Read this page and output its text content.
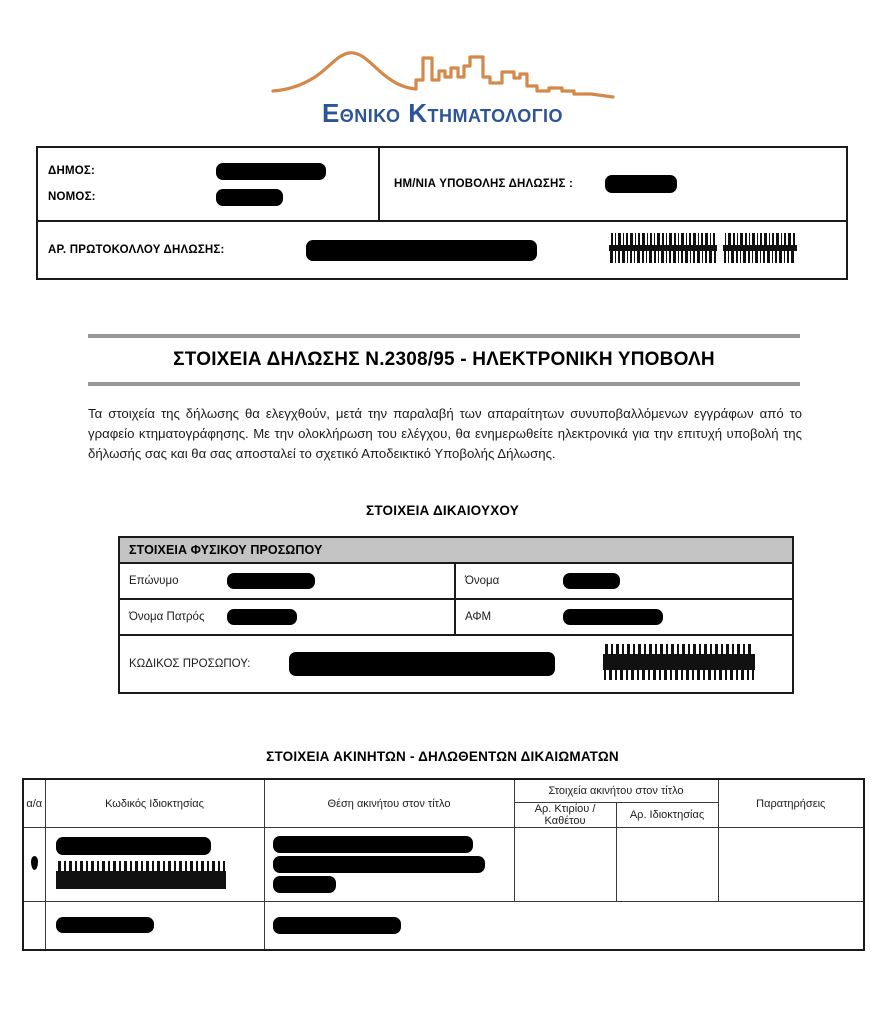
Εθνικο Κτηματολογιο
ΔΗΜΟΣ:
ΝΟΜΟΣ:
ΗΜ/ΝΙΑ ΥΠΟΒΟΛΗΣ ΔΗΛΩΣΗΣ :
ΑΡ. ΠΡΩΤΟΚΟΛΛΟΥ ΔΗΛΩΣΗΣ:
ΣΤΟΙΧΕΙΑ ΔΗΛΩΣΗΣ Ν.2308/95 - ΗΛΕΚΤΡΟΝΙΚΗ ΥΠΟΒΟΛΗ
Τα στοιχεία της δήλωσης θα ελεγχθούν, μετά την παραλαβή των απαραίτητων συνυποβαλλόμενων εγγράφων από το γραφείο κτηματογράφησης. Με την ολοκλήρωση του ελέγχου, θα ενημερωθείτε ηλεκτρονικά για την επιτυχή υποβολή της δήλωσής σας και θα σας αποσταλεί το σχετικό Αποδεικτικό Υποβολής Δήλωσης.
ΣΤΟΙΧΕΙΑ ΔΙΚΑΙΟΥΧΟΥ
ΣΤΟΙΧΕΙΑ ΦΥΣΙΚΟΥ ΠΡΟΣΩΠΟΥ
Επώνυμο	Όνομα
Όνομα Πατρός	ΑΦΜ
ΚΩΔΙΚΟΣ ΠΡΟΣΩΠΟΥ:
ΣΤΟΙΧΕΙΑ ΑΚΙΝΗΤΩΝ - ΔΗΛΩΘΕΝΤΩΝ ΔΙΚΑΙΩΜΑΤΩΝ
α/α	Κωδικός Ιδιοκτησίας	Θέση ακινήτου στον τίτλο	Στοιχεία ακινήτου στον τίτλο		Παρατηρήσεις
			Αρ. Κτιρίου / Καθέτου	Αρ. Ιδιοκτησίας	
